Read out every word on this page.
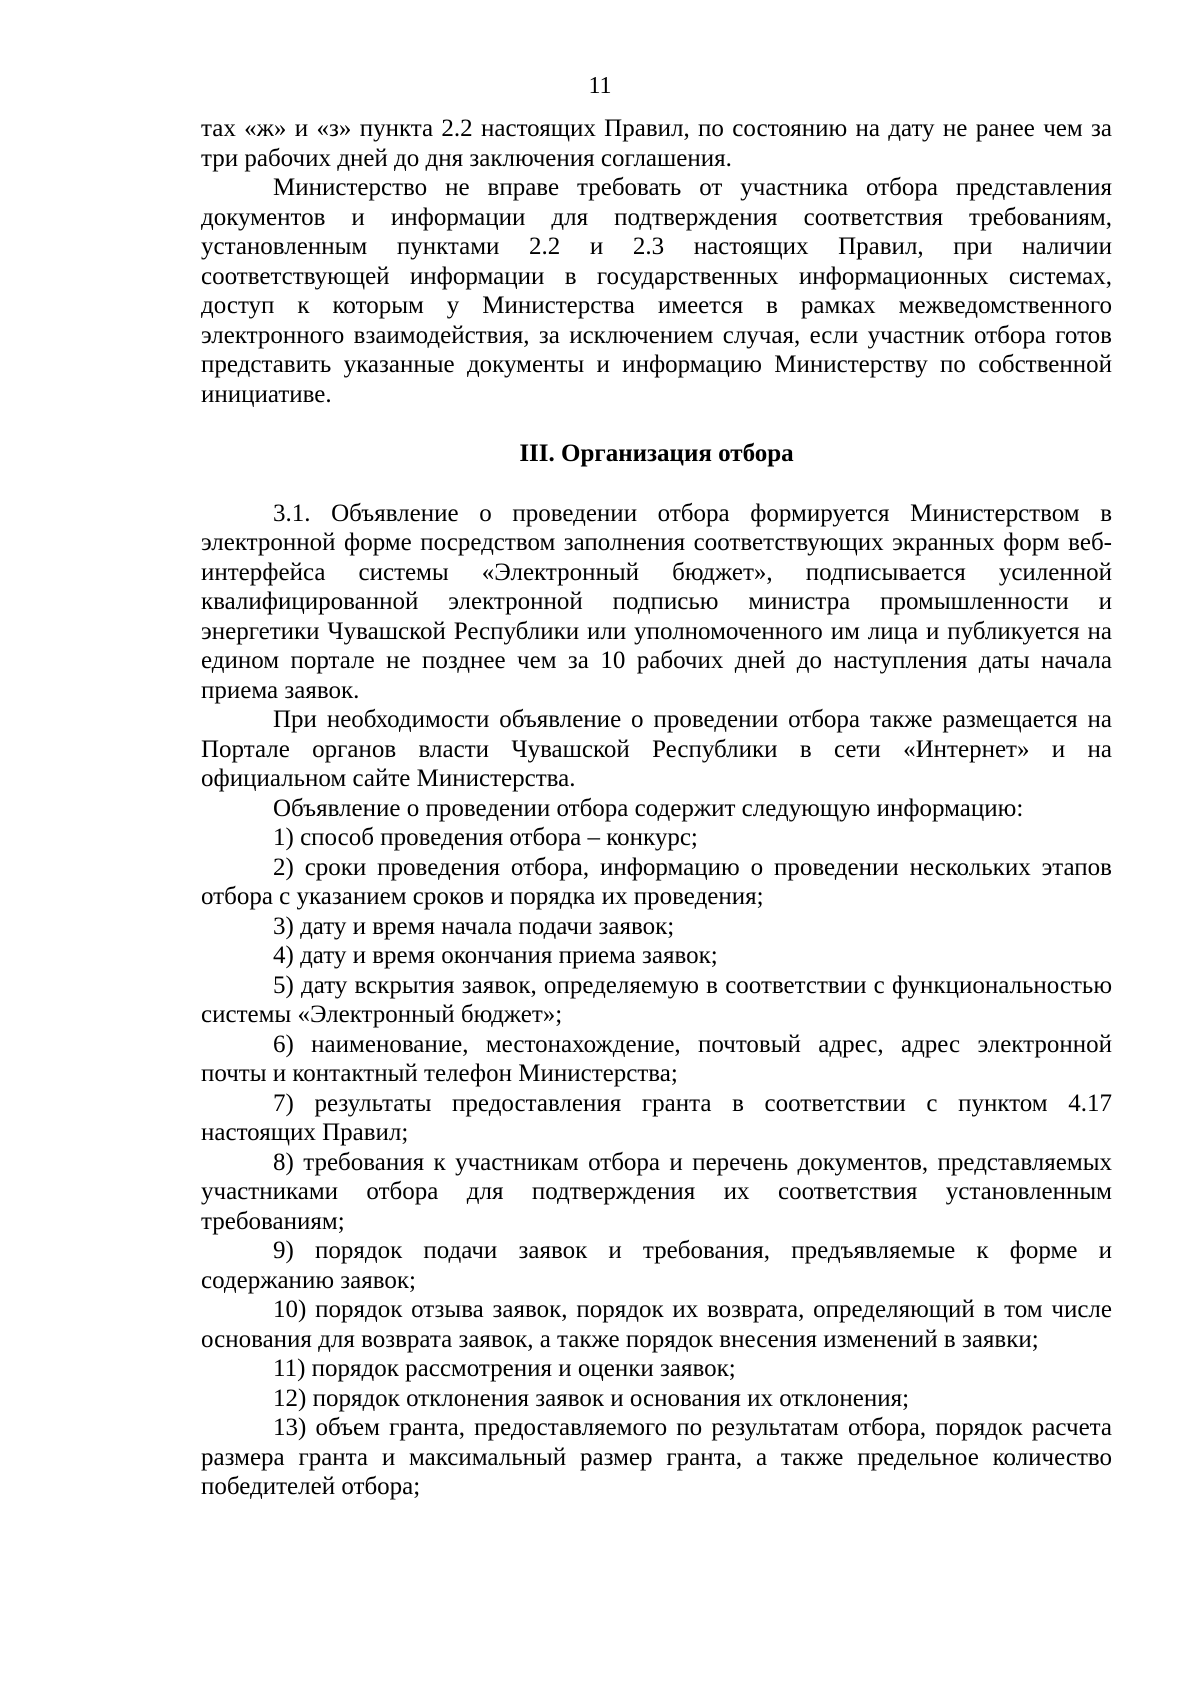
11

тах «ж» и «з» пункта 2.2 настоящих Правил, по состоянию на дату не ранее чем за три рабочих дней до дня заключения соглашения.

Министерство не вправе требовать от участника отбора представления документов и информации для подтверждения соответствия требованиям, установленным пунктами 2.2 и 2.3 настоящих Правил, при наличии соответствующей информации в государственных информационных системах, доступ к которым у Министерства имеется в рамках межведомственного электронного взаимодействия, за исключением случая, если участник отбора готов представить указанные документы и информацию Министерству по собственной инициативе.

III. Организация отбора

3.1. Объявление о проведении отбора формируется Министерством в электронной форме посредством заполнения соответствующих экранных форм веб-интерфейса системы «Электронный бюджет», подписывается усиленной квалифицированной электронной подписью министра промышленности и энергетики Чувашской Республики или уполномоченного им лица и публикуется на едином портале не позднее чем за 10 рабочих дней до наступления даты начала приема заявок.

При необходимости объявление о проведении отбора также размещается на Портале органов власти Чувашской Республики в сети «Интернет» и на официальном сайте Министерства.

Объявление о проведении отбора содержит следующую информацию:

1) способ проведения отбора – конкурс;

2) сроки проведения отбора, информацию о проведении нескольких этапов отбора с указанием сроков и порядка их проведения;

3) дату и время начала подачи заявок;

4) дату и время окончания приема заявок;

5) дату вскрытия заявок, определяемую в соответствии с функциональностью системы «Электронный бюджет»;

6) наименование, местонахождение, почтовый адрес, адрес электронной почты и контактный телефон Министерства;

7) результаты предоставления гранта в соответствии с пунктом 4.17 настоящих Правил;

8) требования к участникам отбора и перечень документов, представляемых участниками отбора для подтверждения их соответствия установленным требованиям;

9) порядок подачи заявок и требования, предъявляемые к форме и содержанию заявок;

10) порядок отзыва заявок, порядок их возврата, определяющий в том числе основания для возврата заявок, а также порядок внесения изменений в заявки;

11) порядок рассмотрения и оценки заявок;

12) порядок отклонения заявок и основания их отклонения;

13) объем гранта, предоставляемого по результатам отбора, порядок расчета размера гранта и максимальный размер гранта, а также предельное количество победителей отбора;
